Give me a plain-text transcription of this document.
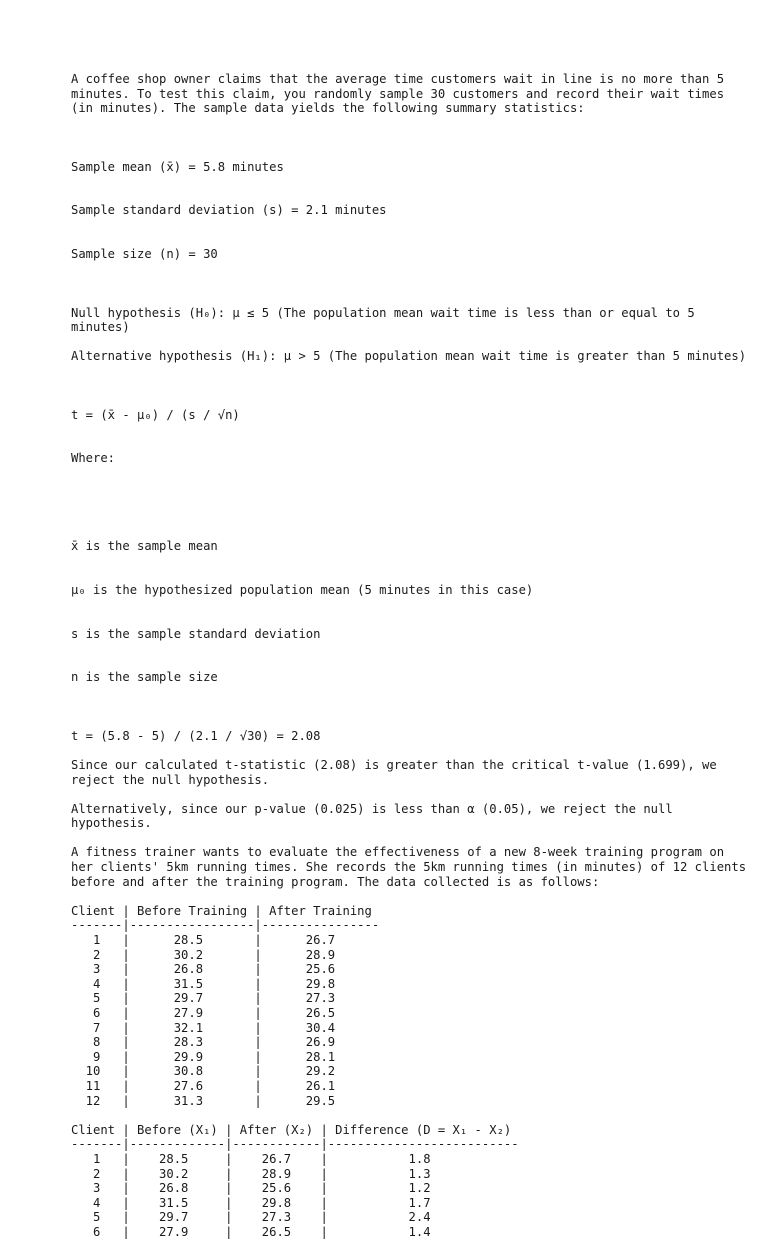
A coffee shop owner claims that the average time customers wait in line is no more than 5 minutes. To test this claim, you randomly sample 30 customers and record their wait times (in minutes). The sample data yields the following summary statistics:

Sample mean (x̄) = 5.8 minutes

Sample standard deviation (s) = 2.1 minutes

Sample size (n) = 30

Null hypothesis (H₀): μ ≤ 5 (The population mean wait time is less than or equal to 5 minutes)

Alternative hypothesis (H₁): μ > 5 (The population mean wait time is greater than 5 minutes)

t = (x̄ - μ₀) / (s / √n)

Where:

x̄ is the sample mean

μ₀ is the hypothesized population mean (5 minutes in this case)

s is the sample standard deviation

n is the sample size

t = (5.8 - 5) / (2.1 / √30) = 2.08

Since our calculated t-statistic (2.08) is greater than the critical t-value (1.699), we reject the null hypothesis.

Alternatively, since our p-value (0.025) is less than α (0.05), we reject the null hypothesis.

A fitness trainer wants to evaluate the effectiveness of a new 8-week training program on her clients' 5km running times. She records the 5km running times (in minutes) of 12 clients before and after the training program. The data collected is as follows:

Client | Before Training | After Training
-------|-----------------|----------------
1   |      28.5       |      26.7
2   |      30.2       |      28.9
3   |      26.8       |      25.6
4   |      31.5       |      29.8
5   |      29.7       |      27.3
6   |      27.9       |      26.5
7   |      32.1       |      30.4
8   |      28.3       |      26.9
9   |      29.9       |      28.1
10   |      30.8       |      29.2
11   |      27.6       |      26.1
12   |      31.3       |      29.5
Client | Before (X₁) | After (X₂) | Difference (D = X₁ - X₂)
-------|-------------|------------|--------------------------
1   |    28.5     |    26.7    |           1.8
2   |    30.2     |    28.9    |           1.3
3   |    26.8     |    25.6    |           1.2
4   |    31.5     |    29.8    |           1.7
5   |    29.7     |    27.3    |           2.4
6   |    27.9     |    26.5    |           1.4
